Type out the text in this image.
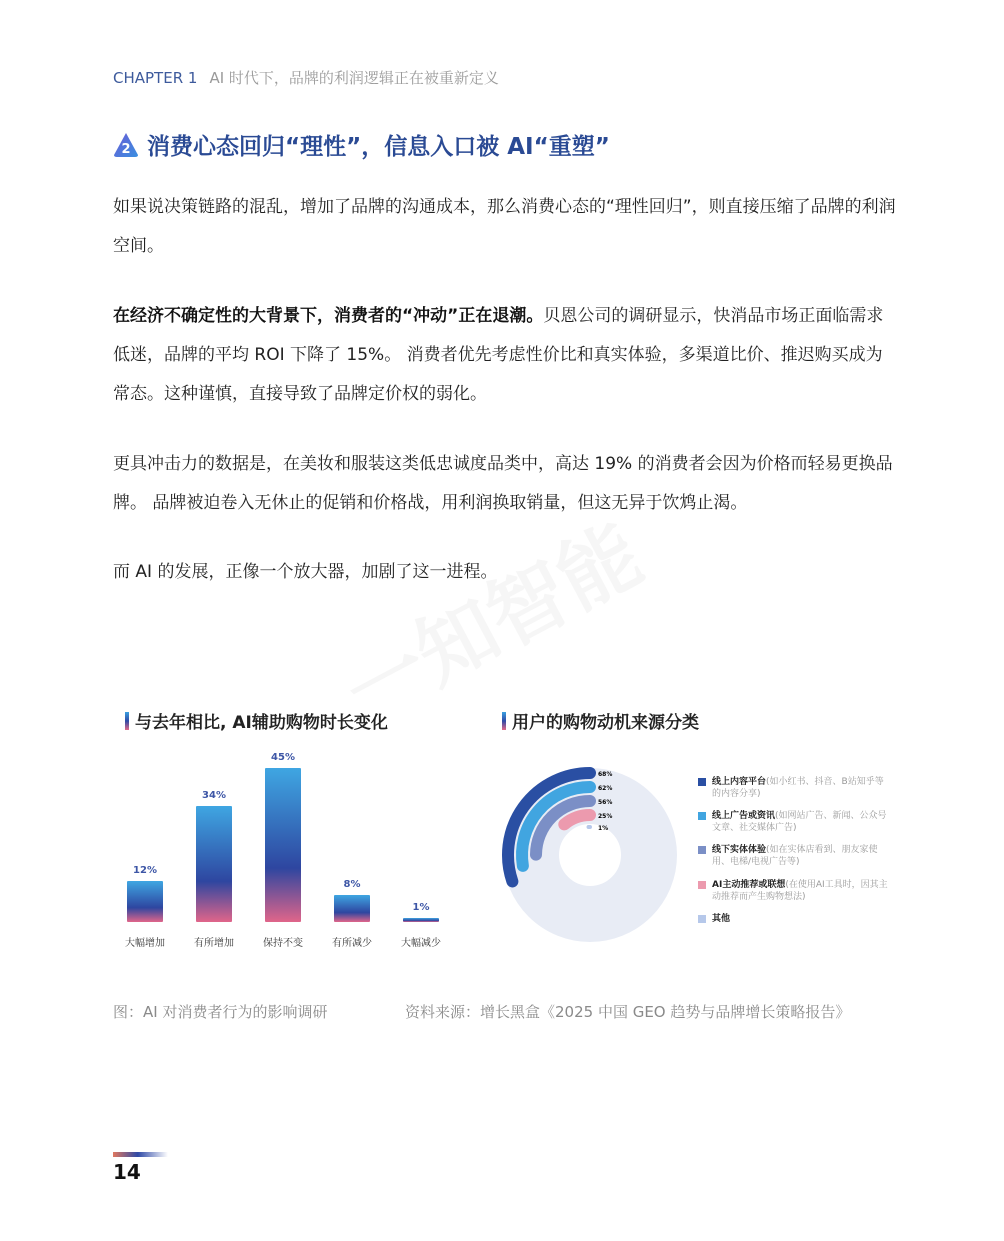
CHAPTER 1 AI 时代下，品牌的利润逻辑正在被重新定义
2 消费心态回归“理性”，信息入口被 AI“重塑”
如果说决策链路的混乱，增加了品牌的沟通成本，那么消费心态的“理性回归”，则直接压缩了品牌的利润空间。
在经济不确定性的大背景下，消费者的“冲动”正在退潮。贝恩公司的调研显示，快消品市场正面临需求低迷，品牌的平均 ROI 下降了 15%。 消费者优先考虑性价比和真实体验，多渠道比价、推迟购买成为常态。这种谨慎，直接导致了品牌定价权的弱化。
更具冲击力的数据是，在美妆和服装这类低忠诚度品类中，高达 19% 的消费者会因为价格而轻易更换品牌。 品牌被迫卷入无休止的促销和价格战，用利润换取销量，但这无异于饮鸩止渴。
而 AI 的发展，正像一个放大器，加剧了这一进程。
与去年相比, AI辅助购物时长变化
12%
大幅增加
34%
有所增加
45%
保持不变
8%
有所减少
1%
大幅减少
用户的购物动机来源分类
68%
62%
56%
25%
1%
线上内容平台(如小红书、抖音、B站知乎等的内容分享)
线上广告或资讯(如网站广告、新闻、公众号文章、社交媒体广告)
线下实体体验(如在实体店看到、朋友家使用、电梯/电视广告等)
AI主动推荐或联想(在使用AI工具时，因其主动推荐而产生购物想法)
其他
图：AI 对消费者行为的影响调研	资料来源：增长黑盒《2025 中国 GEO 趋势与品牌增长策略报告》
14
